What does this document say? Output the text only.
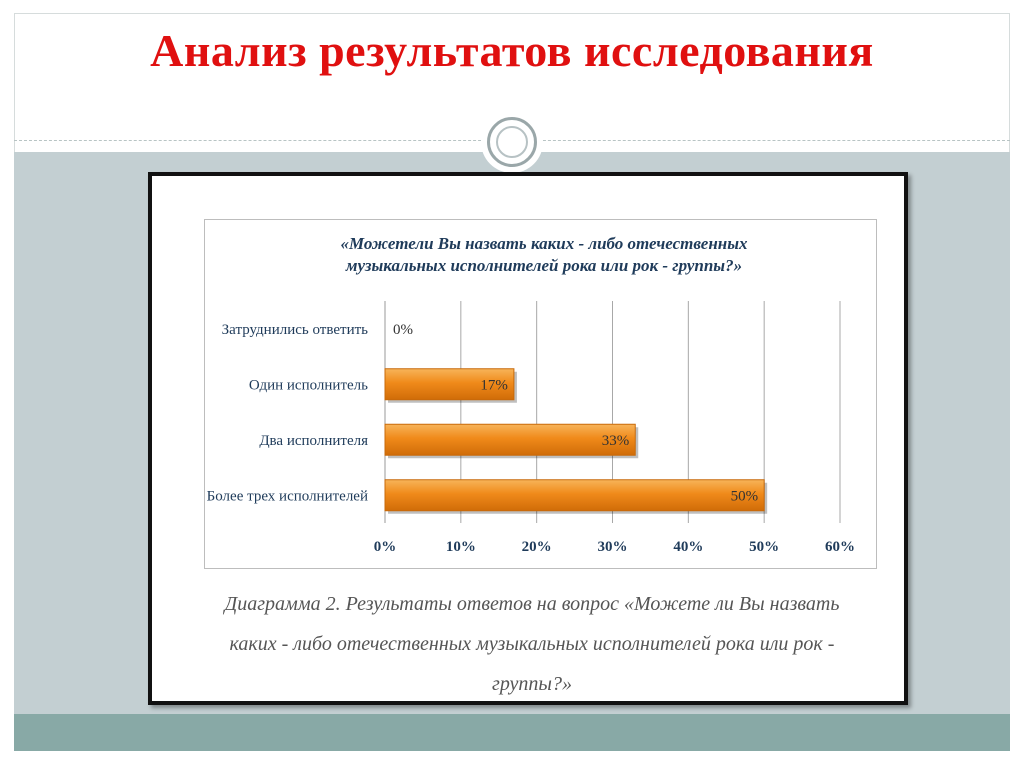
Анализ результатов исследования
«Можетели Вы назвать каких - либо отечественных
музыкальных исполнителей рока или рок - группы?»
0%	10%	20%	30%	40%	50%	60%
Затруднились ответить 0%
Один исполнитель	17%
Два исполнителя	33%
Более трех исполнителей	50%
Диаграмма 2. Результаты ответов на вопрос «Можете ли Вы назвать
каких - либо отечественных музыкальных исполнителей рока или рок -
группы?»
